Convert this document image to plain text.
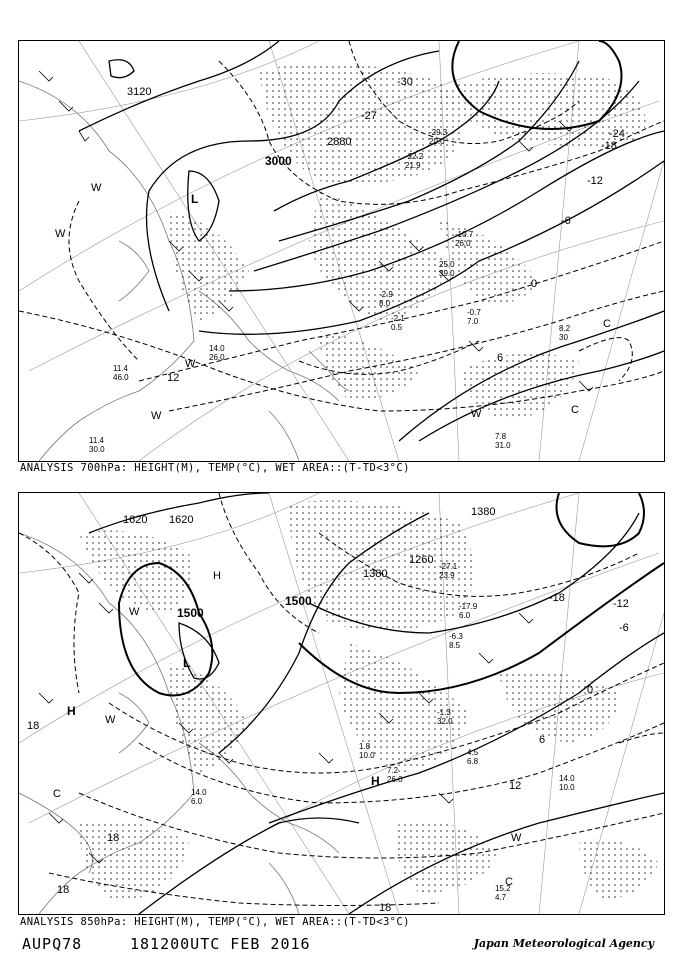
3120
3000
2880
-30
-27
-24
-18
-12
-6
0
6
12
L
W
W
W
W
W
C
C
-0.7
7.0
8.2
30
7.8
31.0
11.4
46.0
11.4
30.0
14.0
26.0
-2.9
8.0
-2.1
0.5
25.0
39.0
-10.7
26.0
-29.3
20.0
-22.2
21.9
ANALYSIS 700hPa: HEIGHT(M), TEMP(°C), WET AREA::(T-TD<3°C)
1620 1620
1500
1500
1380
1260
1380
-18	-12
-6
0
6
12
18
18
18
18
L
H
H
H
W
W
W
C
C
14.0
10.0
15.2
4.7
7.2
26.0
1.8
10.0
-1.3
32.0
4.5
6.8
14.0
6.0
-6.3
8.5
-27.1
23.9
-17.9
6.0
ANALYSIS 850hPa: HEIGHT(M), TEMP(°C), WET AREA::(T-TD<3°C)
AUPQ78	181200UTC FEB 2016	Japan Meteorological Agency
